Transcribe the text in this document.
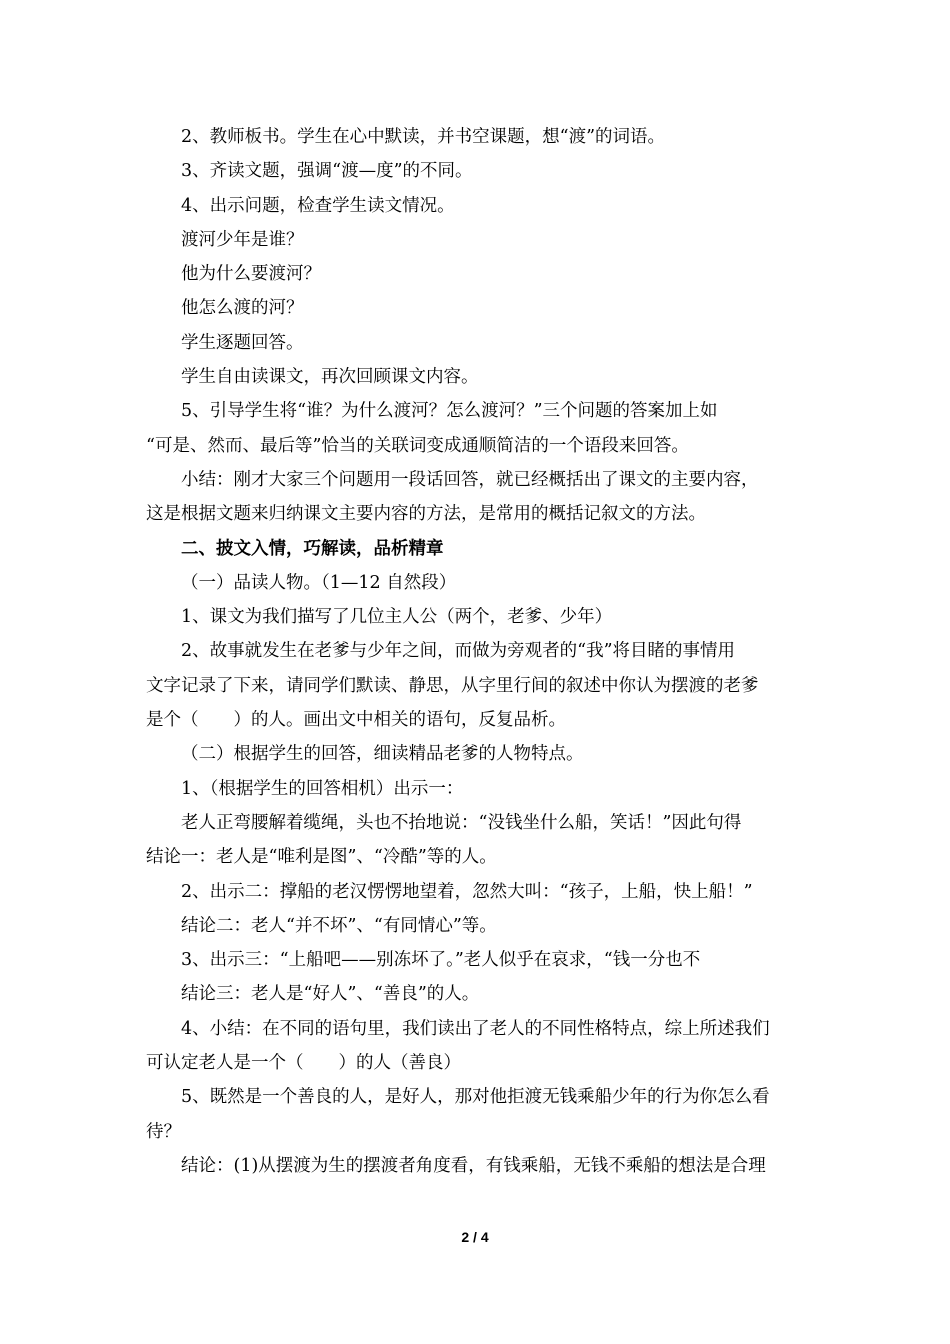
2、教师板书。学生在心中默读，并书空课题，想“渡”的词语。
3、齐读文题，强调“渡—度”的不同。
4、出示问题，检查学生读文情况。
渡河少年是谁？
他为什么要渡河？
他怎么渡的河？
学生逐题回答。
学生自由读课文，再次回顾课文内容。
5、引导学生将“谁？为什么渡河？怎么渡河？”三个问题的答案加上如
“可是、然而、最后等”恰当的关联词变成通顺简洁的一个语段来回答。
小结：刚才大家三个问题用一段话回答，就已经概括出了课文的主要内容，
这是根据文题来归纳课文主要内容的方法，是常用的概括记叙文的方法。
二、披文入情，巧解读，品析精章
（一）品读人物。（1—12 自然段）
1、课文为我们描写了几位主人公（两个，老爹、少年）
2、故事就发生在老爹与少年之间，而做为旁观者的“我”将目睹的事情用
文字记录了下来，请同学们默读、静思，从字里行间的叙述中你认为摆渡的老爹
是个（　　）的人。画出文中相关的语句，反复品析。
（二）根据学生的回答，细读精品老爹的人物特点。
1、（根据学生的回答相机）出示一：
老人正弯腰解着缆绳，头也不抬地说：“没钱坐什么船，笑话！”因此句得
结论一：老人是“唯利是图”、“冷酷”等的人。
2、出示二：撑船的老汉愣愣地望着，忽然大叫：“孩子，上船，快上船！”
结论二：老人“并不坏”、“有同情心”等。
3、出示三：“上船吧——别冻坏了。”老人似乎在哀求，“钱一分也不
结论三：老人是“好人”、“善良”的人。
4、小结：在不同的语句里，我们读出了老人的不同性格特点，综上所述我们
可认定老人是一个（　　）的人（善良）
5、既然是一个善良的人，是好人，那对他拒渡无钱乘船少年的行为你怎么看
待？
结论：(1)从摆渡为生的摆渡者角度看，有钱乘船，无钱不乘船的想法是合理
2 / 4
